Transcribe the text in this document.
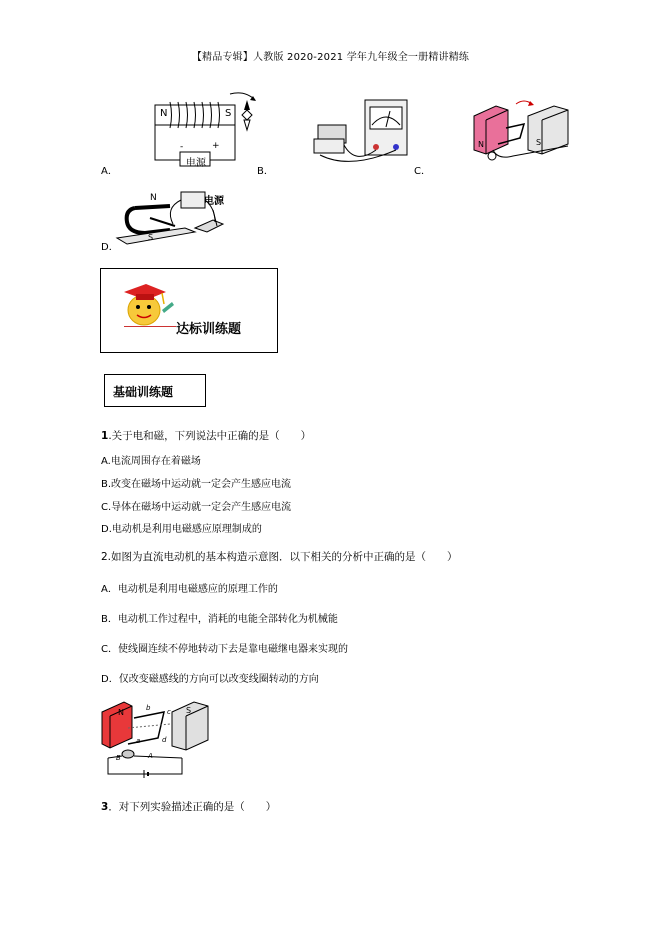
【精品专辑】人教版 2020-2021 学年九年级全一册精讲精练
N	S
-	+
电源
A．	B．
N	S
C．
N
S
电源
D．
达标训练题
基础训练题
1.关于电和磁，下列说法中正确的是（　　）
A.电流周围存在着磁场
B.改变在磁场中运动就一定会产生感应电流
C.导体在磁场中运动就一定会产生感应电流
D.电动机是利用电磁感应原理制成的
2.如图为直流电动机的基本构造示意图．以下相关的分析中正确的是（　　）
A．电动机是利用电磁感应的原理工作的
B．电动机工作过程中，消耗的电能全部转化为机械能
C．使线圈连续不停地转动下去是靠电磁继电器来实现的
D．仅改变磁感线的方向可以改变线圈转动的方向
N	S
b c
a	d
B	A
3．对下列实验描述正确的是（　　）
